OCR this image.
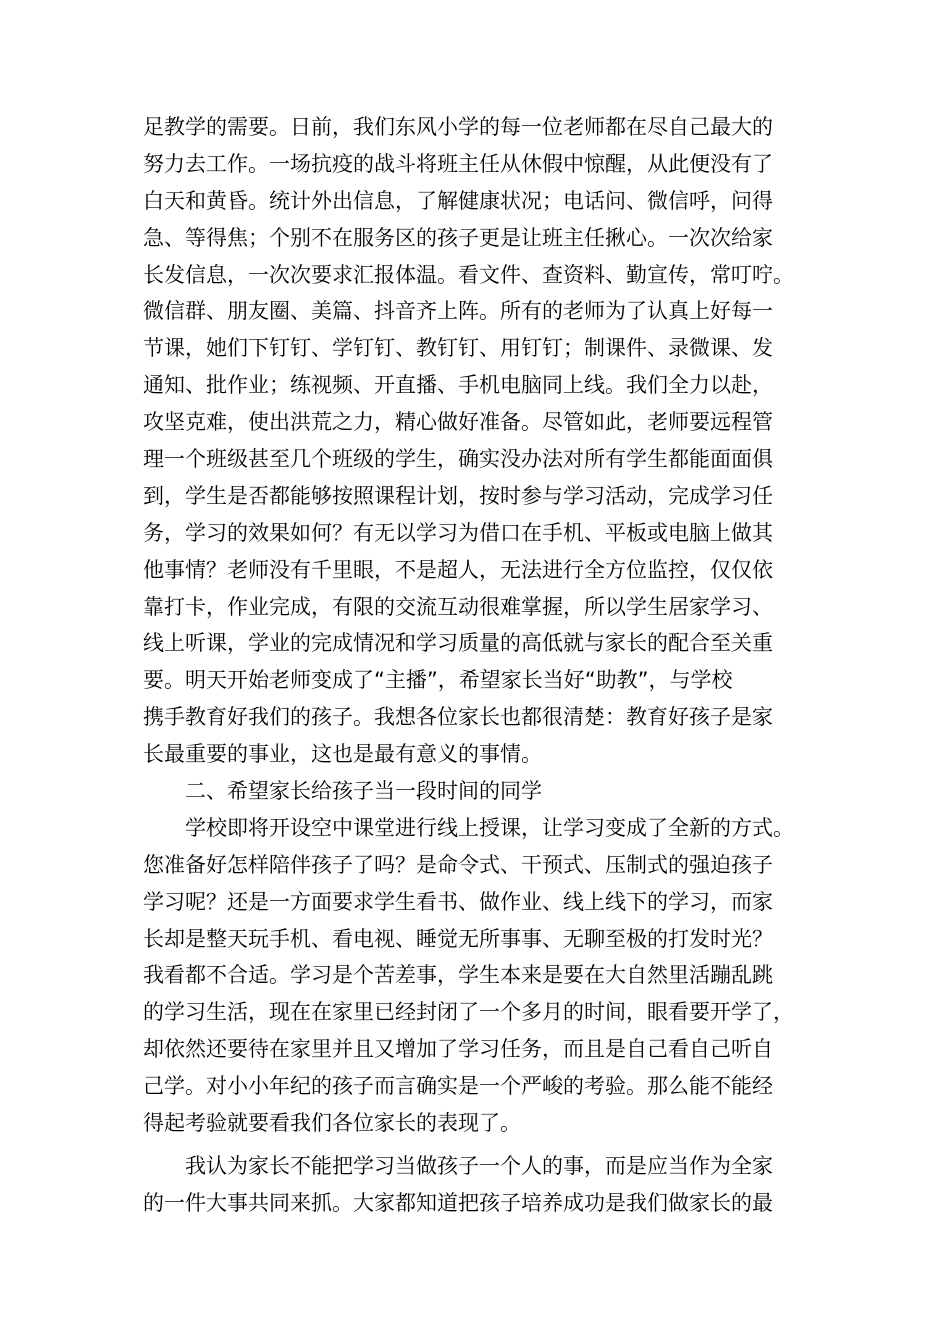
足教学的需要。日前，我们东风小学的每一位老师都在尽自己最大的
努力去工作。一场抗疫的战斗将班主任从休假中惊醒，从此便没有了
白天和黄昏。统计外出信息，了解健康状况；电话问、微信呼，问得
急、等得焦；个别不在服务区的孩子更是让班主任揪心。一次次给家
长发信息，一次次要求汇报体温。看文件、查资料、勤宣传，常叮咛。
微信群、朋友圈、美篇、抖音齐上阵。所有的老师为了认真上好每一
节课，她们下钉钉、学钉钉、教钉钉、用钉钉；制课件、录微课、发
通知、批作业；练视频、开直播、手机电脑同上线。我们全力以赴，
攻坚克难，使出洪荒之力，精心做好准备。尽管如此，老师要远程管
理一个班级甚至几个班级的学生，确实没办法对所有学生都能面面俱
到，学生是否都能够按照课程计划，按时参与学习活动，完成学习任
务，学习的效果如何？有无以学习为借口在手机、平板或电脑上做其
他事情？老师没有千里眼，不是超人，无法进行全方位监控，仅仅依
靠打卡，作业完成，有限的交流互动很难掌握，所以学生居家学习、
线上听课，学业的完成情况和学习质量的高低就与家长的配合至关重
要。明天开始老师变成了“主播”，希望家长当好“助教”，与学校
携手教育好我们的孩子。我想各位家长也都很清楚：教育好孩子是家
长最重要的事业，这也是最有意义的事情。
二、希望家长给孩子当一段时间的同学
学校即将开设空中课堂进行线上授课，让学习变成了全新的方式。
您准备好怎样陪伴孩子了吗？是命令式、干预式、压制式的强迫孩子
学习呢？还是一方面要求学生看书、做作业、线上线下的学习，而家
长却是整天玩手机、看电视、睡觉无所事事、无聊至极的打发时光？
我看都不合适。学习是个苦差事，学生本来是要在大自然里活蹦乱跳
的学习生活，现在在家里已经封闭了一个多月的时间，眼看要开学了，
却依然还要待在家里并且又增加了学习任务，而且是自己看自己听自
己学。对小小年纪的孩子而言确实是一个严峻的考验。那么能不能经
得起考验就要看我们各位家长的表现了。
我认为家长不能把学习当做孩子一个人的事，而是应当作为全家
的一件大事共同来抓。大家都知道把孩子培养成功是我们做家长的最
